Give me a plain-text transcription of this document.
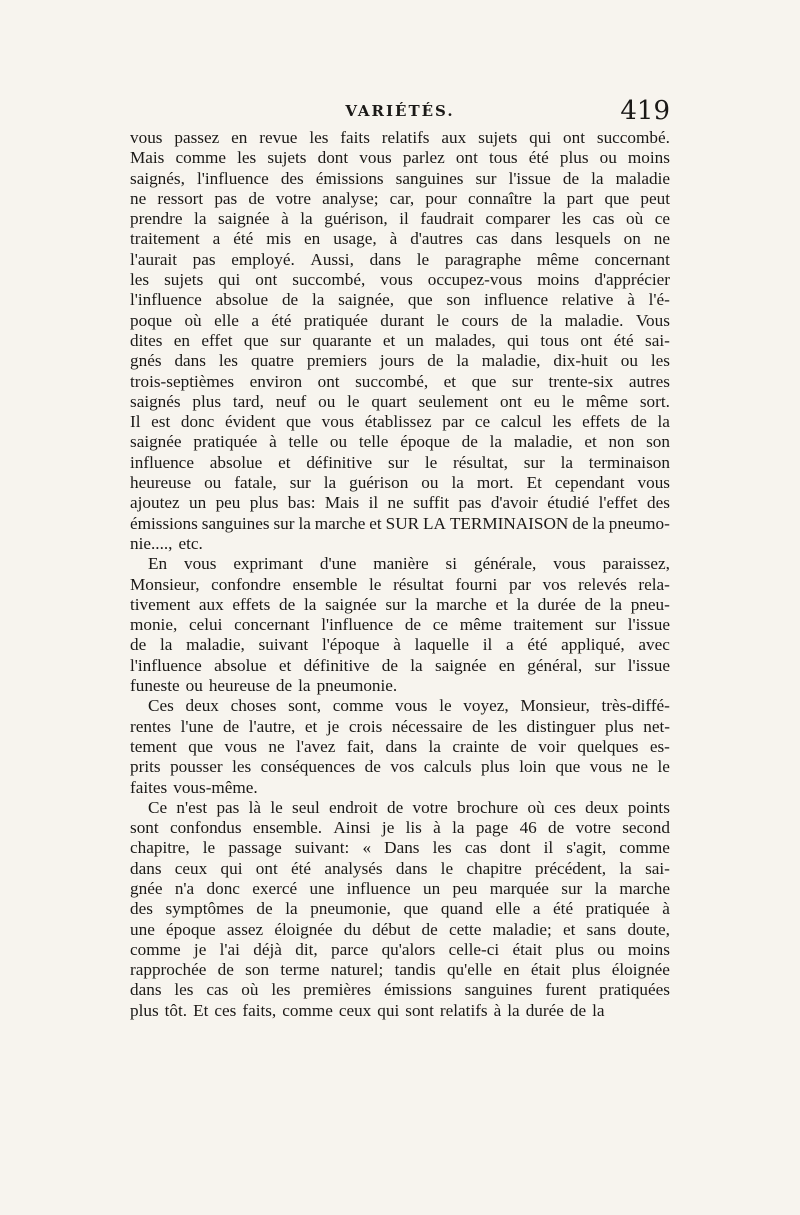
VARIÉTÉS.	419
vous passez en revue les faits relatifs aux sujets qui ont succombé.
Mais comme les sujets dont vous parlez ont tous été plus ou moins
saignés, l'influence des émissions sanguines sur l'issue de la maladie
ne ressort pas de votre analyse; car, pour connaître la part que peut
prendre la saignée à la guérison, il faudrait comparer les cas où ce
traitement a été mis en usage, à d'autres cas dans lesquels on ne
l'aurait pas employé. Aussi, dans le paragraphe même concernant
les sujets qui ont succombé, vous occupez-vous moins d'apprécier
l'influence absolue de la saignée, que son influence relative à l'é-
poque où elle a été pratiquée durant le cours de la maladie. Vous
dites en effet que sur quarante et un malades, qui tous ont été sai-
gnés dans les quatre premiers jours de la maladie, dix-huit ou les
trois-septièmes environ ont succombé, et que sur trente-six autres
saignés plus tard, neuf ou le quart seulement ont eu le même sort.
Il est donc évident que vous établissez par ce calcul les effets de la
saignée pratiquée à telle ou telle époque de la maladie, et non son
influence absolue et définitive sur le résultat, sur la terminaison
heureuse ou fatale, sur la guérison ou la mort. Et cependant vous
ajoutez un peu plus bas: Mais il ne suffit pas d'avoir étudié l'effet des
émissions sanguines sur la marche et SUR LA TERMINAISON de la pneumo-
nie...., etc.
En vous exprimant d'une manière si générale, vous paraissez,
Monsieur, confondre ensemble le résultat fourni par vos relevés rela-
tivement aux effets de la saignée sur la marche et la durée de la pneu-
monie, celui concernant l'influence de ce même traitement sur l'issue
de la maladie, suivant l'époque à laquelle il a été appliqué, avec
l'influence absolue et définitive de la saignée en général, sur l'issue
funeste ou heureuse de la pneumonie.
Ces deux choses sont, comme vous le voyez, Monsieur, très-diffé-
rentes l'une de l'autre, et je crois nécessaire de les distinguer plus net-
tement que vous ne l'avez fait, dans la crainte de voir quelques es-
prits pousser les conséquences de vos calculs plus loin que vous ne le
faites vous-même.
Ce n'est pas là le seul endroit de votre brochure où ces deux points
sont confondus ensemble. Ainsi je lis à la page 46 de votre second
chapitre, le passage suivant: « Dans les cas dont il s'agit, comme
dans ceux qui ont été analysés dans le chapitre précédent, la sai-
gnée n'a donc exercé une influence un peu marquée sur la marche
des symptômes de la pneumonie, que quand elle a été pratiquée à
une époque assez éloignée du début de cette maladie; et sans doute,
comme je l'ai déjà dit, parce qu'alors celle-ci était plus ou moins
rapprochée de son terme naturel; tandis qu'elle en était plus éloignée
dans les cas où les premières émissions sanguines furent pratiquées
plus tôt. Et ces faits, comme ceux qui sont relatifs à la durée de la
